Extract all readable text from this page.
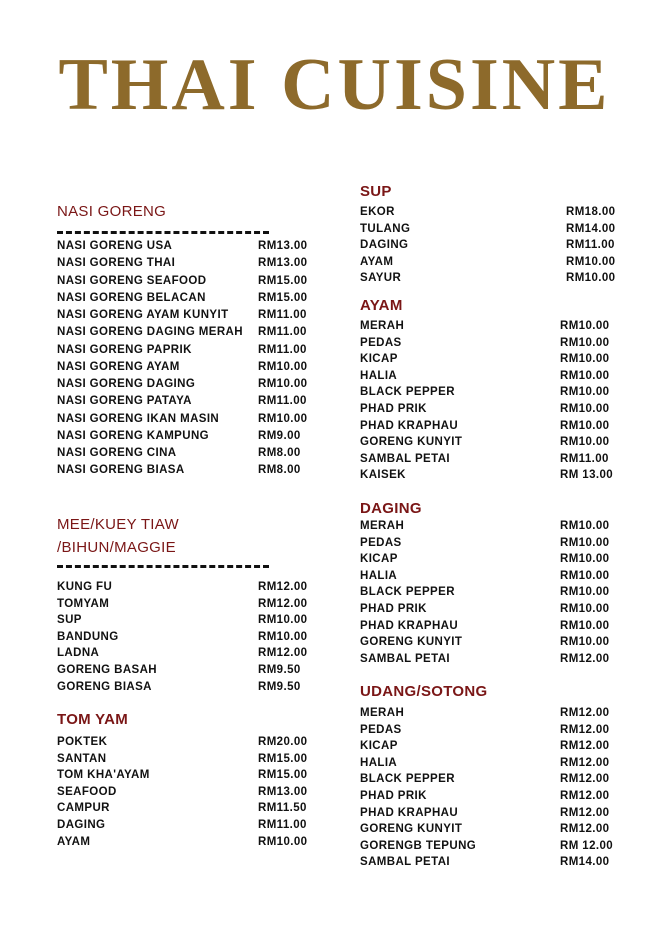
THAI CUISINE
NASI GORENG
MEE/KUEY TIAW
/BIHUN/MAGGIE
TOM YAM
SUP
AYAM
DAGING
UDANG/SOTONG
NASI GORENG USA	RM13.00
NASI GORENG THAI	RM13.00
NASI GORENG SEAFOOD	RM15.00
NASI GORENG BELACAN	RM15.00
NASI GORENG AYAM KUNYIT	RM11.00
NASI GORENG DAGING MERAH RM11.00
NASI GORENG PAPRIK	RM11.00
NASI GORENG AYAM	RM10.00
NASI GORENG DAGING	RM10.00
NASI GORENG PATAYA	RM11.00
NASI GORENG IKAN MASIN	RM10.00
NASI GORENG KAMPUNG	RM9.00
NASI GORENG CINA	RM8.00
NASI GORENG BIASA	RM8.00
KUNG FU	RM12.00
TOMYAM	RM12.00
SUP	RM10.00
BANDUNG	RM10.00
LADNA	RM12.00
GORENG BASAH	RM9.50
GORENG BIASA	RM9.50
POKTEK	RM20.00
SANTAN	RM15.00
TOM KHA'AYAM	RM15.00
SEAFOOD	RM13.00
CAMPUR	RM11.50
DAGING	RM11.00
AYAM	RM10.00
EKOR	RM18.00
TULANG	RM14.00
DAGING	RM11.00
AYAM	RM10.00
SAYUR	RM10.00
MERAH	RM10.00
PEDAS	RM10.00
KICAP	RM10.00
HALIA	RM10.00
BLACK PEPPER	RM10.00
PHAD PRIK	RM10.00
PHAD KRAPHAU	RM10.00
GORENG KUNYIT	RM10.00
SAMBAL PETAI	RM11.00
KAISEK	RM 13.00
MERAH	RM10.00
PEDAS	RM10.00
KICAP	RM10.00
HALIA	RM10.00
BLACK PEPPER	RM10.00
PHAD PRIK	RM10.00
PHAD KRAPHAU	RM10.00
GORENG KUNYIT	RM10.00
SAMBAL PETAI	RM12.00
MERAH	RM12.00
PEDAS	RM12.00
KICAP	RM12.00
HALIA	RM12.00
BLACK PEPPER	RM12.00
PHAD PRIK	RM12.00
PHAD KRAPHAU	RM12.00
GORENG KUNYIT	RM12.00
GORENGB TEPUNG	RM 12.00
SAMBAL PETAI	RM14.00
